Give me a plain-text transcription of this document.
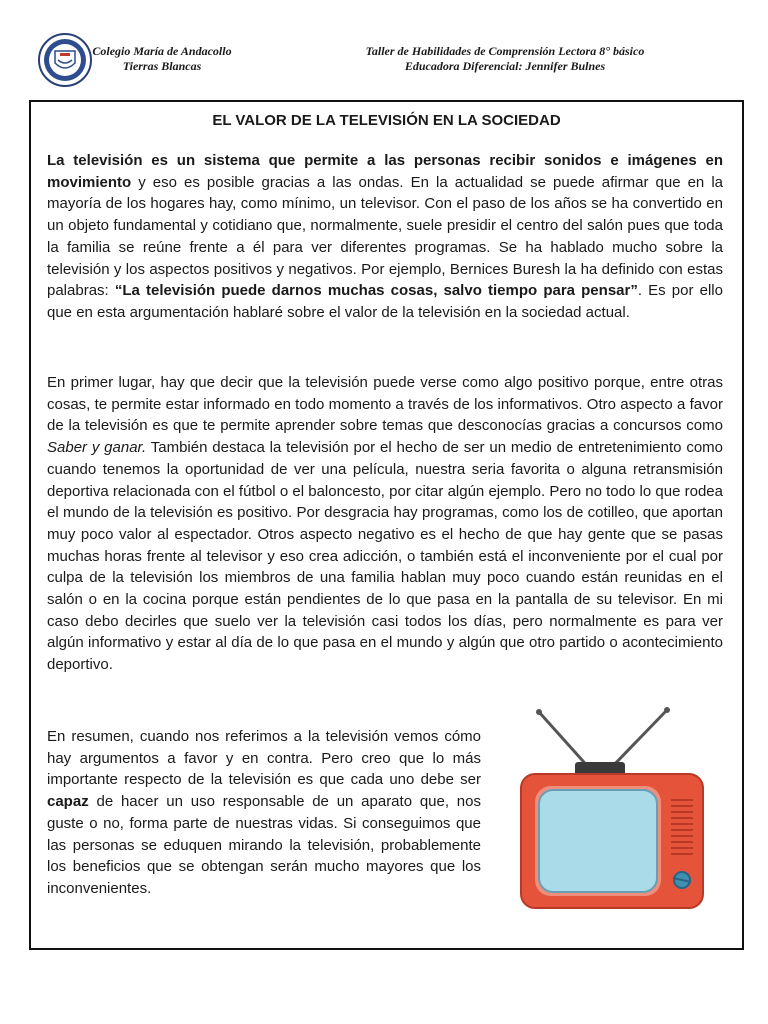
Colegio María de Andacollo
Tierras Blancas
Taller de Habilidades de Comprensión Lectora 8° básico
Educadora Diferencial: Jennifer Bulnes
EL VALOR DE LA TELEVISIÓN EN LA SOCIEDAD

La televisión es un sistema que permite a las personas recibir sonidos e imágenes en movimiento y eso es posible gracias a las ondas. En la actualidad se puede afirmar que en la mayoría de los hogares hay, como mínimo, un televisor. Con el paso de los años se ha convertido en un objeto fundamental y cotidiano que, normalmente, suele presidir el centro del salón pues que toda la familia se reúne frente a él para ver diferentes programas. Se ha hablado mucho sobre la televisión y los aspectos positivos y negativos. Por ejemplo, Bernices Buresh la ha definido con estas palabras: “La televisión puede darnos muchas cosas, salvo tiempo para pensar”. Es por ello que en esta argumentación hablaré sobre el valor de la televisión en la sociedad actual.

En primer lugar, hay que decir que la televisión puede verse como algo positivo porque, entre otras cosas, te permite estar informado en todo momento a través de los informativos. Otro aspecto a favor de la televisión es que te permite aprender sobre temas que desconocías gracias a concursos como Saber y ganar. También destaca la televisión por el hecho de ser un medio de entretenimiento como cuando tenemos la oportunidad de ver una película, nuestra seria favorita o alguna retransmisión deportiva relacionada con el fútbol o el baloncesto, por citar algún ejemplo. Pero no todo lo que rodea el mundo de la televisión es positivo. Por desgracia hay programas, como los de cotilleo, que aportan muy poco valor al espectador. Otros aspecto negativo es el hecho de que hay gente que se pasas muchas horas frente al televisor y eso crea adicción, o también está el inconveniente por el cual por culpa de la televisión los miembros de una familia hablan muy poco cuando están reunidas en el salón o en la cocina porque están pendientes de lo que pasa en la pantalla de su televisor. En mi caso debo decirles que suelo ver la televisión casi todos los días, pero normalmente es para ver algún informativo y estar al día de lo que pasa en el mundo y algún que otro partido o acontecimiento deportivo.

En resumen, cuando nos referimos a la televisión vemos cómo hay argumentos a favor y en contra. Pero creo que lo más importante respecto de la televisión es que cada uno debe ser capaz de hacer un uso responsable de un aparato que, nos guste o no, forma parte de nuestras vidas. Si conseguimos que las personas se eduquen mirando la televisión, probablemente los beneficios que se obtengan serán mucho mayores que los inconvenientes.
